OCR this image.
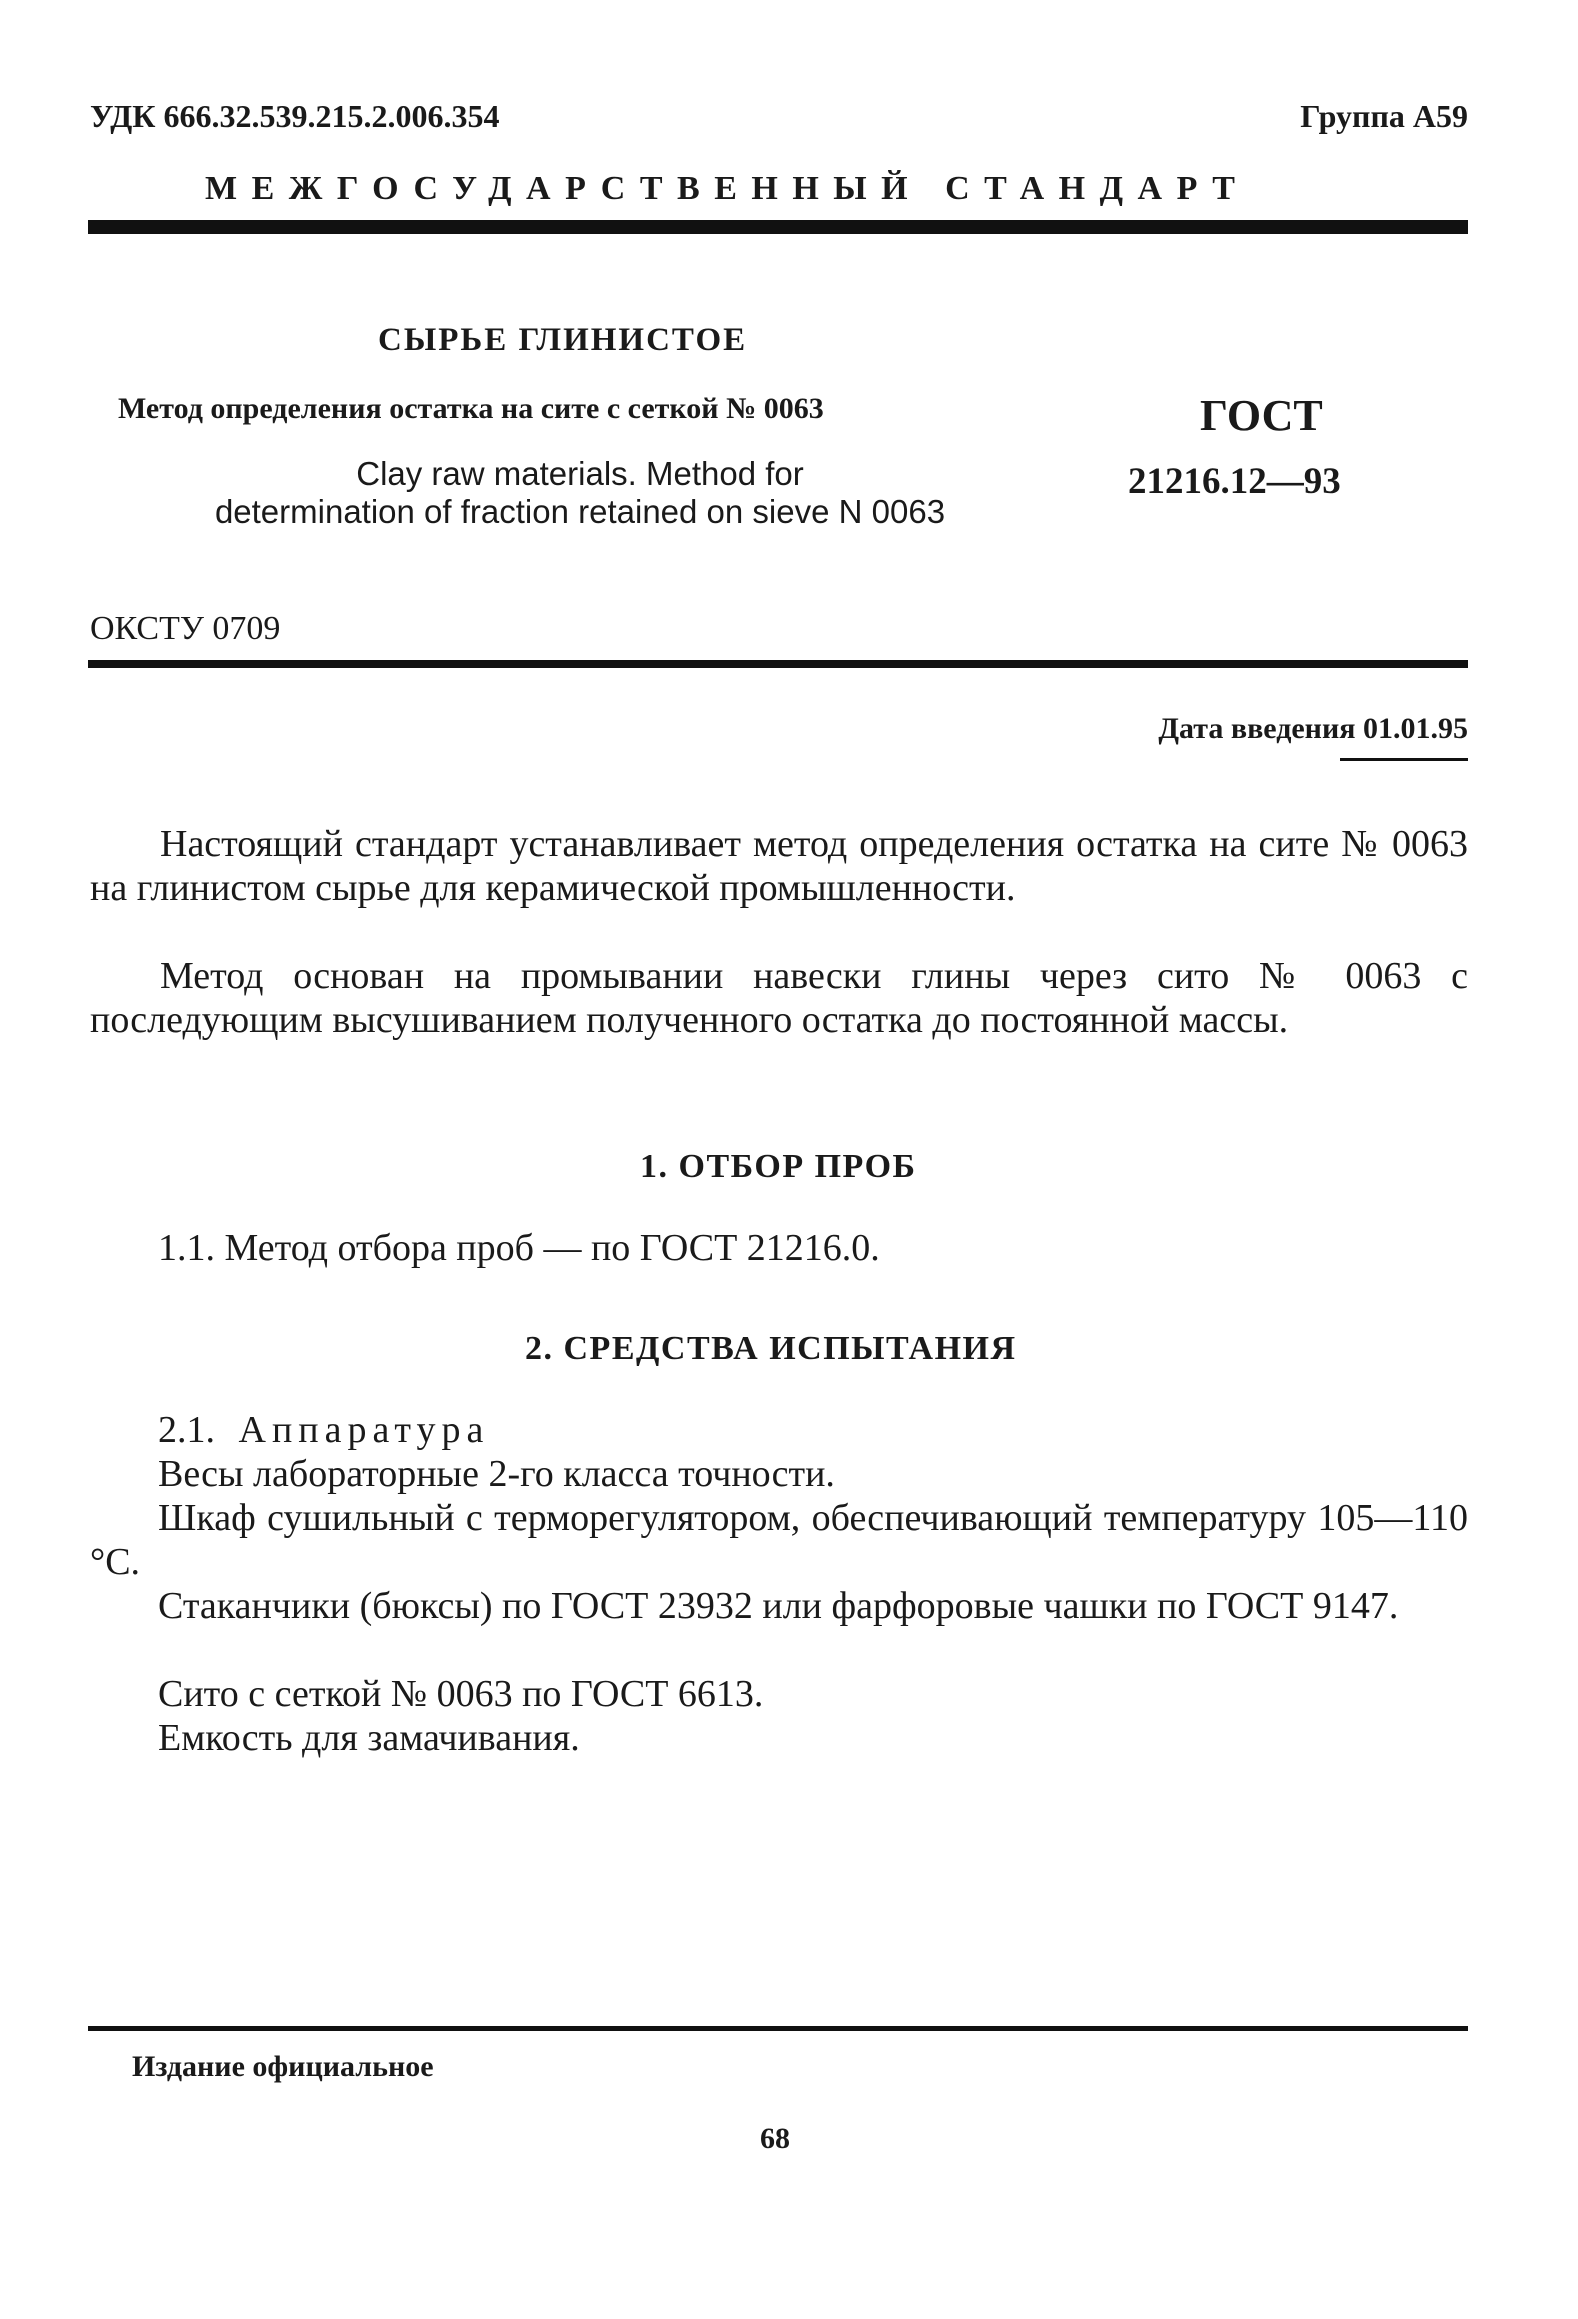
УДК 666.32.539.215.2.006.354	Группа А59
МЕЖГОСУДАРСТВЕННЫЙ СТАНДАРТ
СЫРЬЕ ГЛИНИСТОЕ
Метод определения остатка на сите с сеткой № 0063
Clay raw materials. Method for
determination of fraction retained on sieve N 0063
ГОСТ
21216.12—93
ОКСТУ 0709
Дата введения 01.01.95
Настоящий стандарт устанавливает метод определения остатка на сите № 0063 на глинистом сырье для керамической промышленности.
Метод основан на промывании навески глины через сито № 0063 с последующим высушиванием полученного остатка до постоянной массы.
1. ОТБОР ПРОБ
1.1. Метод отбора проб — по ГОСТ 21216.0.
2. СРЕДСТВА ИСПЫТАНИЯ
2.1. Аппаратура
Весы лабораторные 2-го класса точности.
Шкаф сушильный с терморегулятором, обеспечивающий температуру 105—110 °С.
Стаканчики (бюксы) по ГОСТ 23932 или фарфоровые чашки по ГОСТ 9147.
Сито с сеткой № 0063 по ГОСТ 6613.
Емкость для замачивания.
Издание официальное
68
